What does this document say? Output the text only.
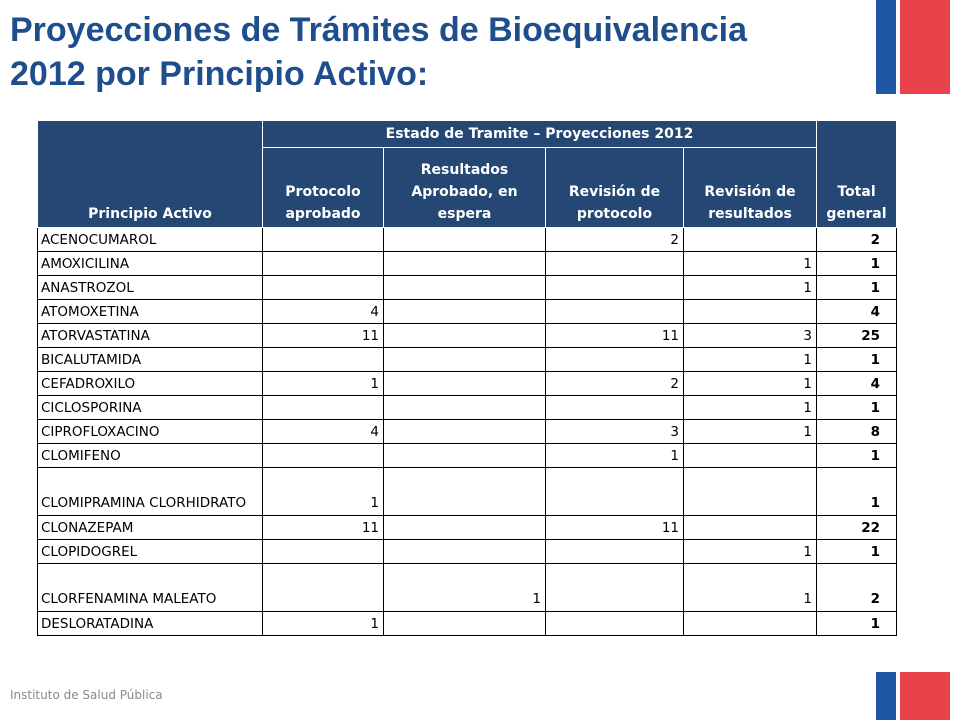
Proyecciones de Trámites de Bioequivalencia
2012 por Principio Activo:
Principio Activo	Estado de Tramite – Proyecciones 2012				Total general
	Protocolo aprobado	Resultados Aprobado, en espera	Revisión de protocolo	Revisión de resultados	
ACENOCUMAROL			2		2
AMOXICILINA				1	1
ANASTROZOL				1	1
ATOMOXETINA	4				4
ATORVASTATINA	11		11	3	25
BICALUTAMIDA				1	1
CEFADROXILO	1		2	1	4
CICLOSPORINA				1	1
CIPROFLOXACINO	4		3	1	8
CLOMIFENO			1		1
CLOMIPRAMINA CLORHIDRATO	1				1
CLONAZEPAM	11		11		22
CLOPIDOGREL				1	1
CLORFENAMINA MALEATO		1		1	2
DESLORATADINA	1				1
Instituto de Salud Pública
